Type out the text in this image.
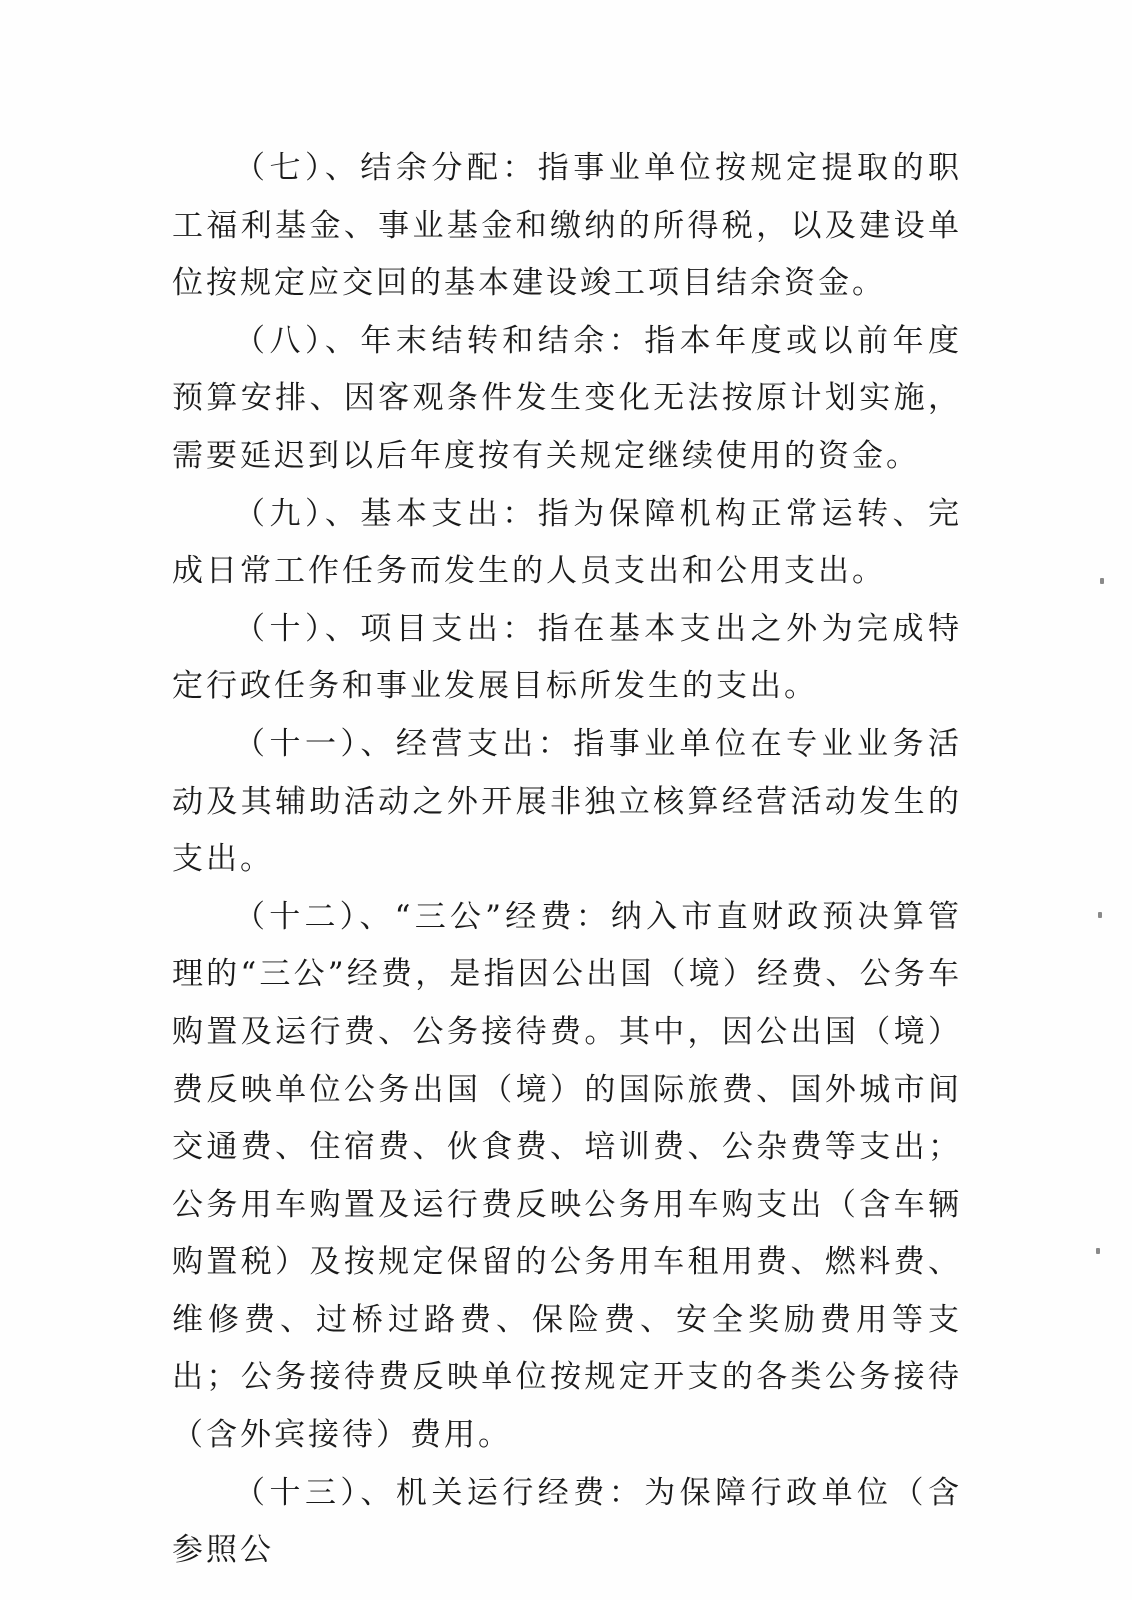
（七）、结余分配：指事业单位按规定提取的职工福利基金、事业基金和缴纳的所得税，以及建设单位按规定应交回的基本建设竣工项目结余资金。

（八）、年末结转和结余：指本年度或以前年度预算安排、因客观条件发生变化无法按原计划实施，需要延迟到以后年度按有关规定继续使用的资金。

（九）、基本支出：指为保障机构正常运转、完成日常工作任务而发生的人员支出和公用支出。

（十）、项目支出：指在基本支出之外为完成特定行政任务和事业发展目标所发生的支出。

（十一）、经营支出：指事业单位在专业业务活动及其辅助活动之外开展非独立核算经营活动发生的 支出。

（十二）、“三公”经费：纳入市直财政预决算管理的“三公”经费，是指因公出国（境）经费、公务车购置及运行费、公务接待费。其中，因公出国（境）费反映单位公务出国（境）的国际旅费、国外城市间交通费、住宿费、伙食费、培训费、公杂费等支出；公务用车购置及运行费反映公务用车购支出（含车辆购置税）及按规定保留的公务用车租用费、燃料费、维修费、过桥过路费、保险费、安全奖励费用等支出；公务接待费反映单位按规定开支的各类公务接待（含外宾接待）费用。

（十三）、机关运行经费：为保障行政单位（含参照公
